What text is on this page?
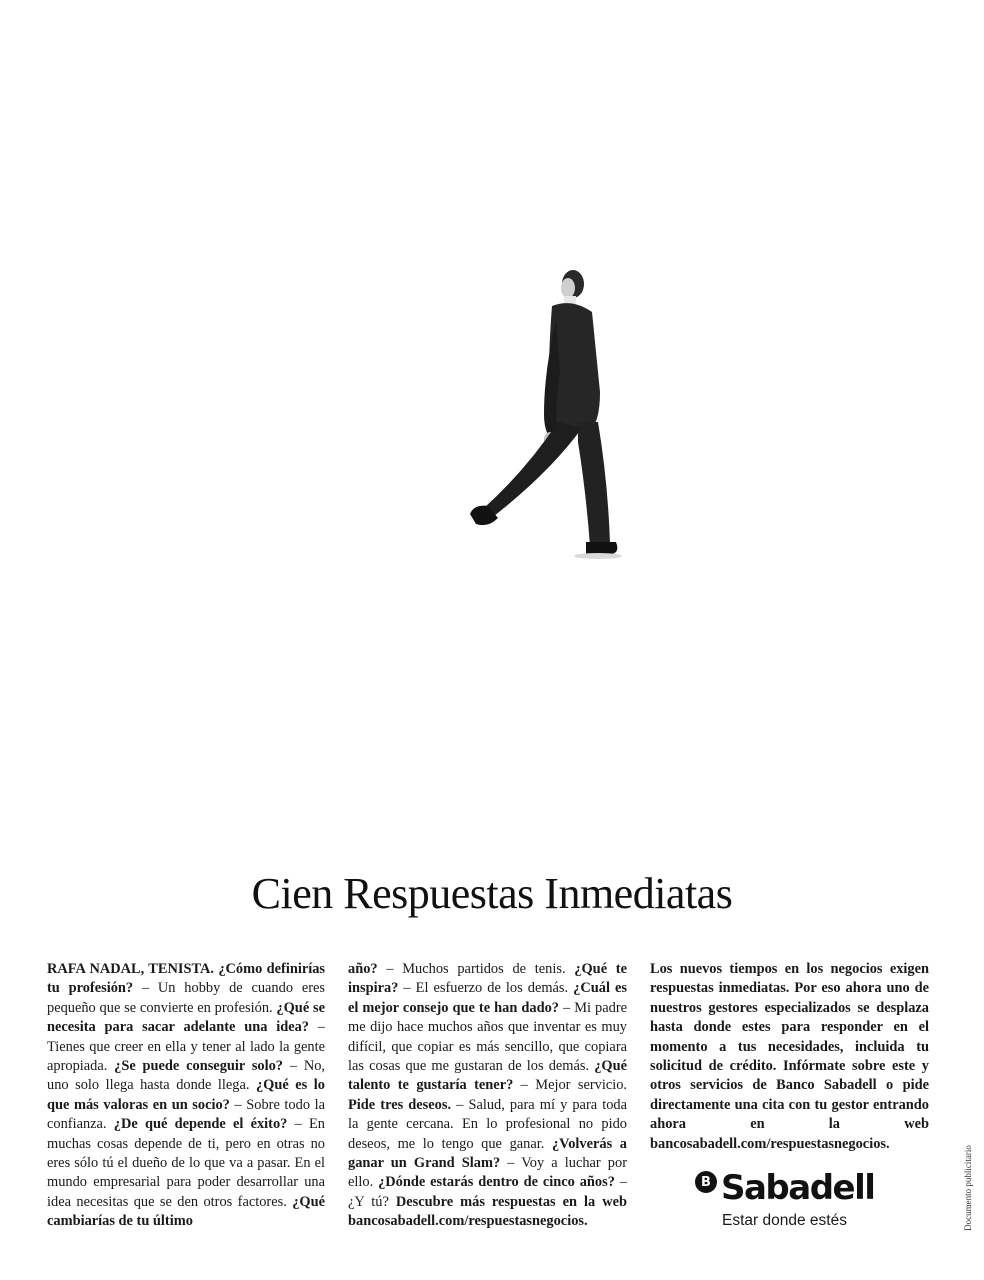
Cien Respuestas Inmediatas

RAFA NADAL, TENISTA. ¿Cómo definirías tu profesión? – Un hobby de cuando eres pequeño que se convierte en profesión. ¿Qué se necesita para sacar adelante una idea? – Tienes que creer en ella y tener al lado la gente apropiada. ¿Se puede conseguir solo? – No, uno solo llega hasta donde llega. ¿Qué es lo que más valoras en un socio? – Sobre todo la confianza. ¿De qué depende el éxito? – En muchas cosas depende de ti, pero en otras no eres sólo tú el dueño de lo que va a pasar. En el mundo empresarial para poder desarrollar una idea necesitas que se den otros factores. ¿Qué cambiarías de tu último

año? – Muchos partidos de tenis. ¿Qué te inspira? – El esfuerzo de los demás. ¿Cuál es el mejor consejo que te han dado? – Mi padre me dijo hace muchos años que inventar es muy difícil, que copiar es más sencillo, que copiara las cosas que me gustaran de los demás. ¿Qué talento te gustaría tener? – Mejor servicio. Pide tres deseos. – Salud, para mí y para toda la gente cercana. En lo profesional no pido deseos, me lo tengo que ganar. ¿Volverás a ganar un Grand Slam? – Voy a luchar por ello. ¿Dónde estarás dentro de cinco años? – ¿Y tú? Descubre más respuestas en la web bancosabadell.com/respuestasnegocios.

Los nuevos tiempos en los negocios exigen respuestas inmediatas. Por eso ahora uno de nuestros gestores especializados se desplaza hasta donde estes para responder en el momento a tus necesidades, incluida tu solicitud de crédito. Infórmate sobre este y otros servicios de Banco Sabadell o pide directamente una cita con tu gestor entrando ahora en la web bancosabadell.com/respuestasnegocios.

B Sabadell
Estar donde estés	Documento publicitario
